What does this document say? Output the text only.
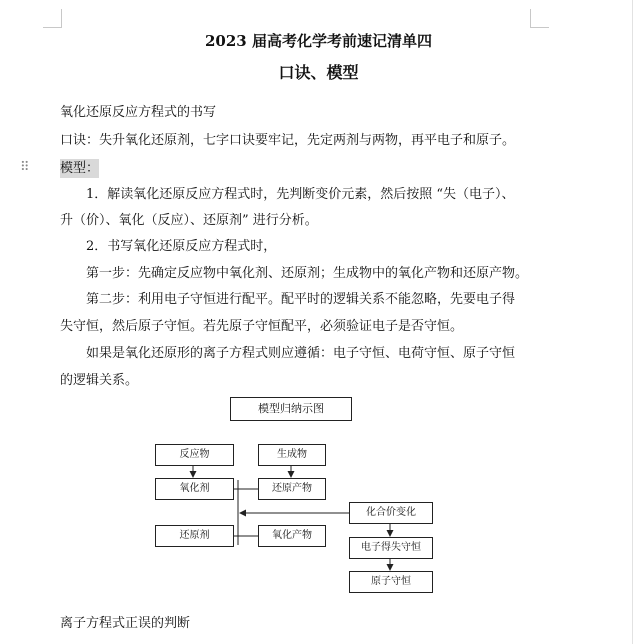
2023 届高考化学考前速记清单四
口诀、模型
氧化还原反应方程式的书写
口诀：失升氧化还原剂，七字口诀要牢记，先定两剂与两物，再平电子和原子。
⠿ 模型：
1．解读氧化还原反应方程式时，先判断变价元素，然后按照 “失（电子）、
升（价）、氧化（反应）、还原剂” 进行分析。
2．书写氧化还原反应方程式时，
第一步：先确定反应物中氧化剂、还原剂；生成物中的氧化产物和还原产物。
第二步：利用电子守恒进行配平。配平时的逻辑关系不能忽略，先要电子得
失守恒，然后原子守恒。若先原子守恒配平，必须验证电子是否守恒。
如果是氧化还原形的离子方程式则应遵循：电子守恒、电荷守恒、原子守恒
的逻辑关系。
模型归纳示图
反应物	生成物
氧化剂	还原产物
还原剂	氧化产物
化合价变化
电子得失守恒
原子守恒
离子方程式正误的判断
